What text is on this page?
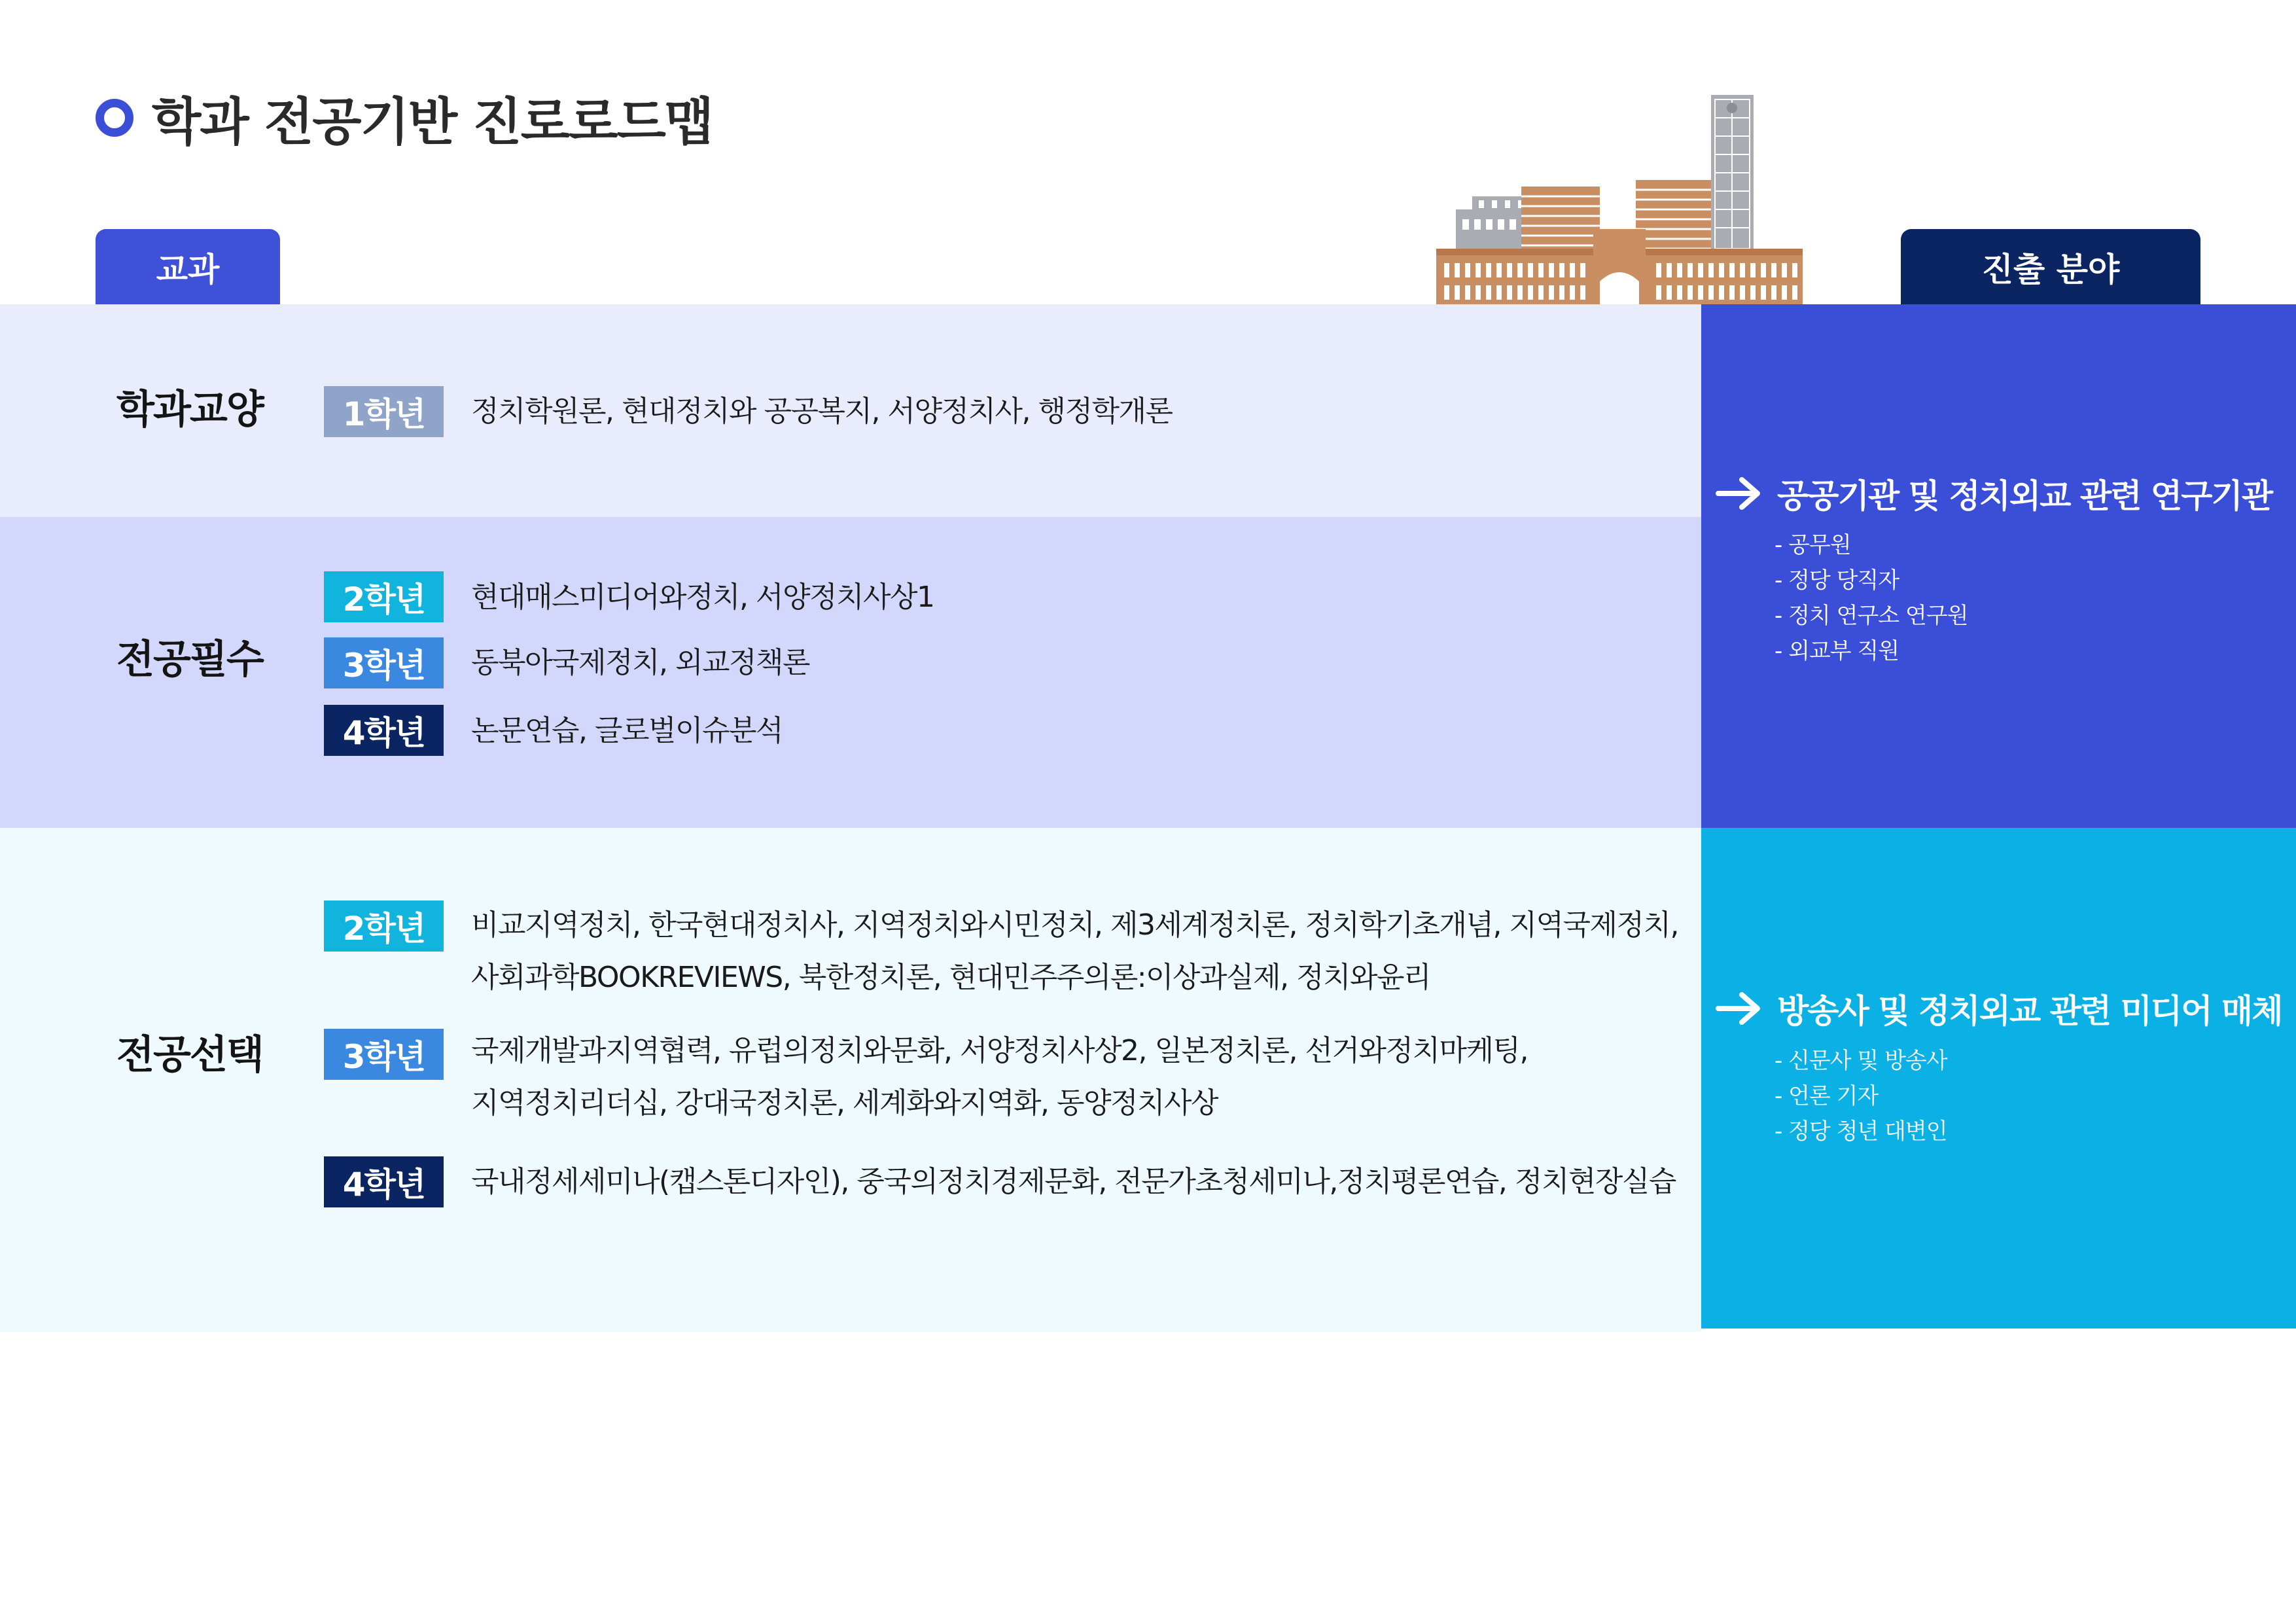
학과 전공기반 진로로드맵
교과	진출 분야
학과교양	1학년	정치학원론, 현대정치와 공공복지, 서양정치사, 행정학개론
전공필수
2학년	현대매스미디어와정치, 서양정치사상1
3학년	동북아국제정치, 외교정책론
4학년	논문연습, 글로벌이슈분석
전공선택
2학년	비교지역정치, 한국현대정치사, 지역정치와시민정치, 제3세계정치론, 정치학기초개념, 지역국제정치,
사회과학BOOKREVIEWS, 북한정치론, 현대민주주의론:이상과실제, 정치와윤리
3학년	국제개발과지역협력, 유럽의정치와문화, 서양정치사상2, 일본정치론, 선거와정치마케팅,
지역정치리더십, 강대국정치론, 세계화와지역화, 동양정치사상
4학년	국내정세세미나(캡스톤디자인), 중국의정치경제문화, 전문가초청세미나,정치평론연습, 정치현장실습
공공기관 및 정치외교 관련 연구기관
- 공무원
- 정당 당직자
- 정치 연구소 연구원
- 외교부 직원
방송사 및 정치외교 관련 미디어 매체
- 신문사 및 방송사
- 언론 기자
- 정당 청년 대변인
